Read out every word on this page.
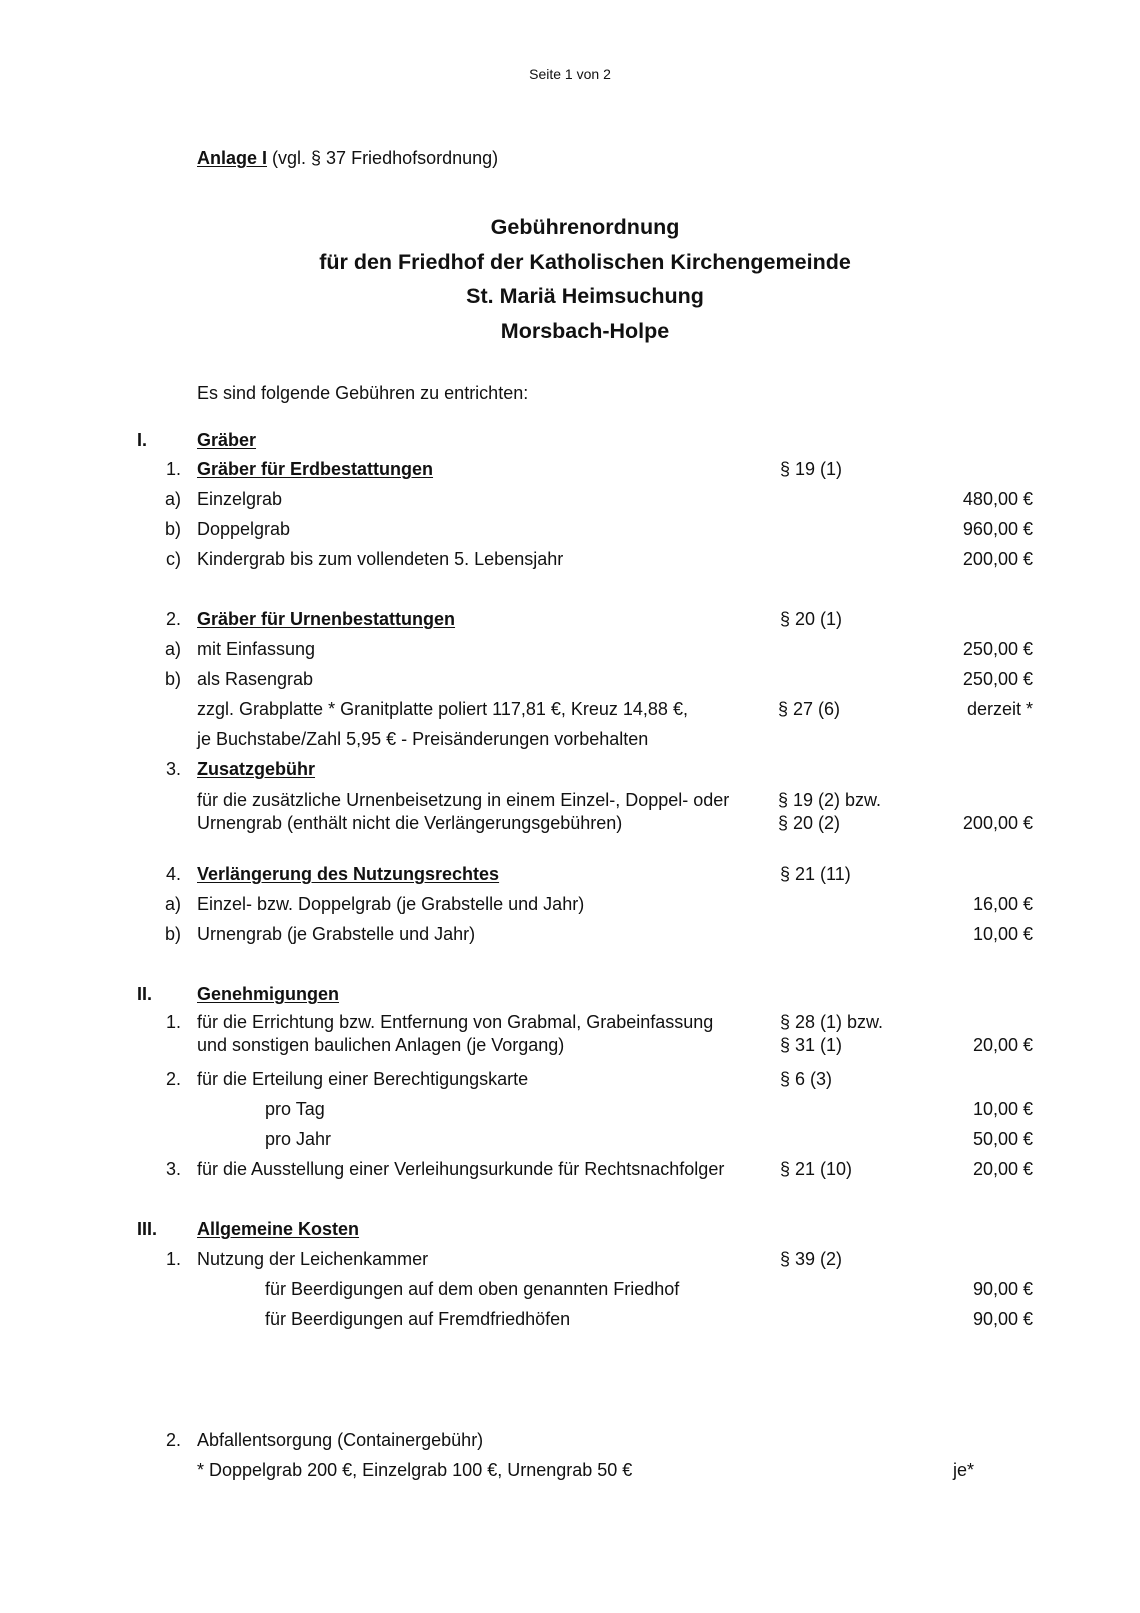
Seite 1 von 2
Anlage I (vgl. § 37 Friedhofsordnung)
Gebührenordnung
für den Friedhof der Katholischen Kirchengemeinde
St. Mariä Heimsuchung
Morsbach-Holpe
Es sind folgende Gebühren zu entrichten:
I.	Gräber
1. Gräber für Erdbestattungen	§ 19 (1)
a) Einzelgrab	480,00 €
b) Doppelgrab	960,00 €
c) Kindergrab bis zum vollendeten 5. Lebensjahr	200,00 €
2. Gräber für Urnenbestattungen	§ 20 (1)
a) mit Einfassung	250,00 €
b) als Rasengrab	250,00 €
zzgl. Grabplatte * Granitplatte poliert 117,81 €, Kreuz 14,88 €,	§ 27 (6)	derzeit *
je Buchstabe/Zahl 5,95 € - Preisänderungen vorbehalten
3. Zusatzgebühr
für die zusätzliche Urnenbeisetzung in einem Einzel-, Doppel- oder
Urnengrab (enthält nicht die Verlängerungsgebühren)
§ 19 (2) bzw.
§ 20 (2)	200,00 €
4. Verlängerung des Nutzungsrechtes	§ 21 (11)
a) Einzel- bzw. Doppelgrab (je Grabstelle und Jahr)	16,00 €
b) Urnengrab (je Grabstelle und Jahr)	10,00 €
II. Genehmigungen
1. für die Errichtung bzw. Entfernung von Grabmal, Grabeinfassung
und sonstigen baulichen Anlagen (je Vorgang)
§ 28 (1) bzw.
§ 31 (1)	20,00 €
2. für die Erteilung einer Berechtigungskarte	§ 6 (3)
pro Tag	10,00 €
pro Jahr	50,00 €
3. für die Ausstellung einer Verleihungsurkunde für Rechtsnachfolger	§ 21 (10)	20,00 €
III. Allgemeine Kosten
1. Nutzung der Leichenkammer	§ 39 (2)
für Beerdigungen auf dem oben genannten Friedhof	90,00 €
für Beerdigungen auf Fremdfriedhöfen	90,00 €
2. Abfallentsorgung (Containergebühr)
* Doppelgrab 200 €, Einzelgrab 100 €, Urnengrab 50 €	je*
